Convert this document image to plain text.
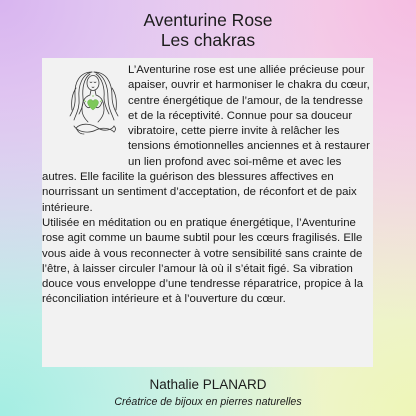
Aventurine Rose
Les chakras

L’Aventurine rose est une alliée précieuse pour apaiser, ouvrir et harmoniser le chakra du cœur, centre énergétique de l’amour, de la tendresse et de la réceptivité. Connue pour sa douceur vibratoire, cette pierre invite à relâcher les tensions émotionnelles anciennes et à restaurer un lien profond avec soi-même et avec les autres. Elle facilite la guérison des blessures affectives en nourrissant un sentiment d’acceptation, de réconfort et de paix intérieure.

Utilisée en méditation ou en pratique énergétique, l’Aventurine rose agit comme un baume subtil pour les cœurs fragilisés. Elle vous aide à vous reconnecter à votre sensibilité sans crainte de l’être, à laisser circuler l’amour là où il s’était figé. Sa vibration douce vous enveloppe d’une tendresse réparatrice, propice à la réconciliation intérieure et à l’ouverture du cœur.

Nathalie PLANARD

Créatrice de bijoux en pierres naturelles
